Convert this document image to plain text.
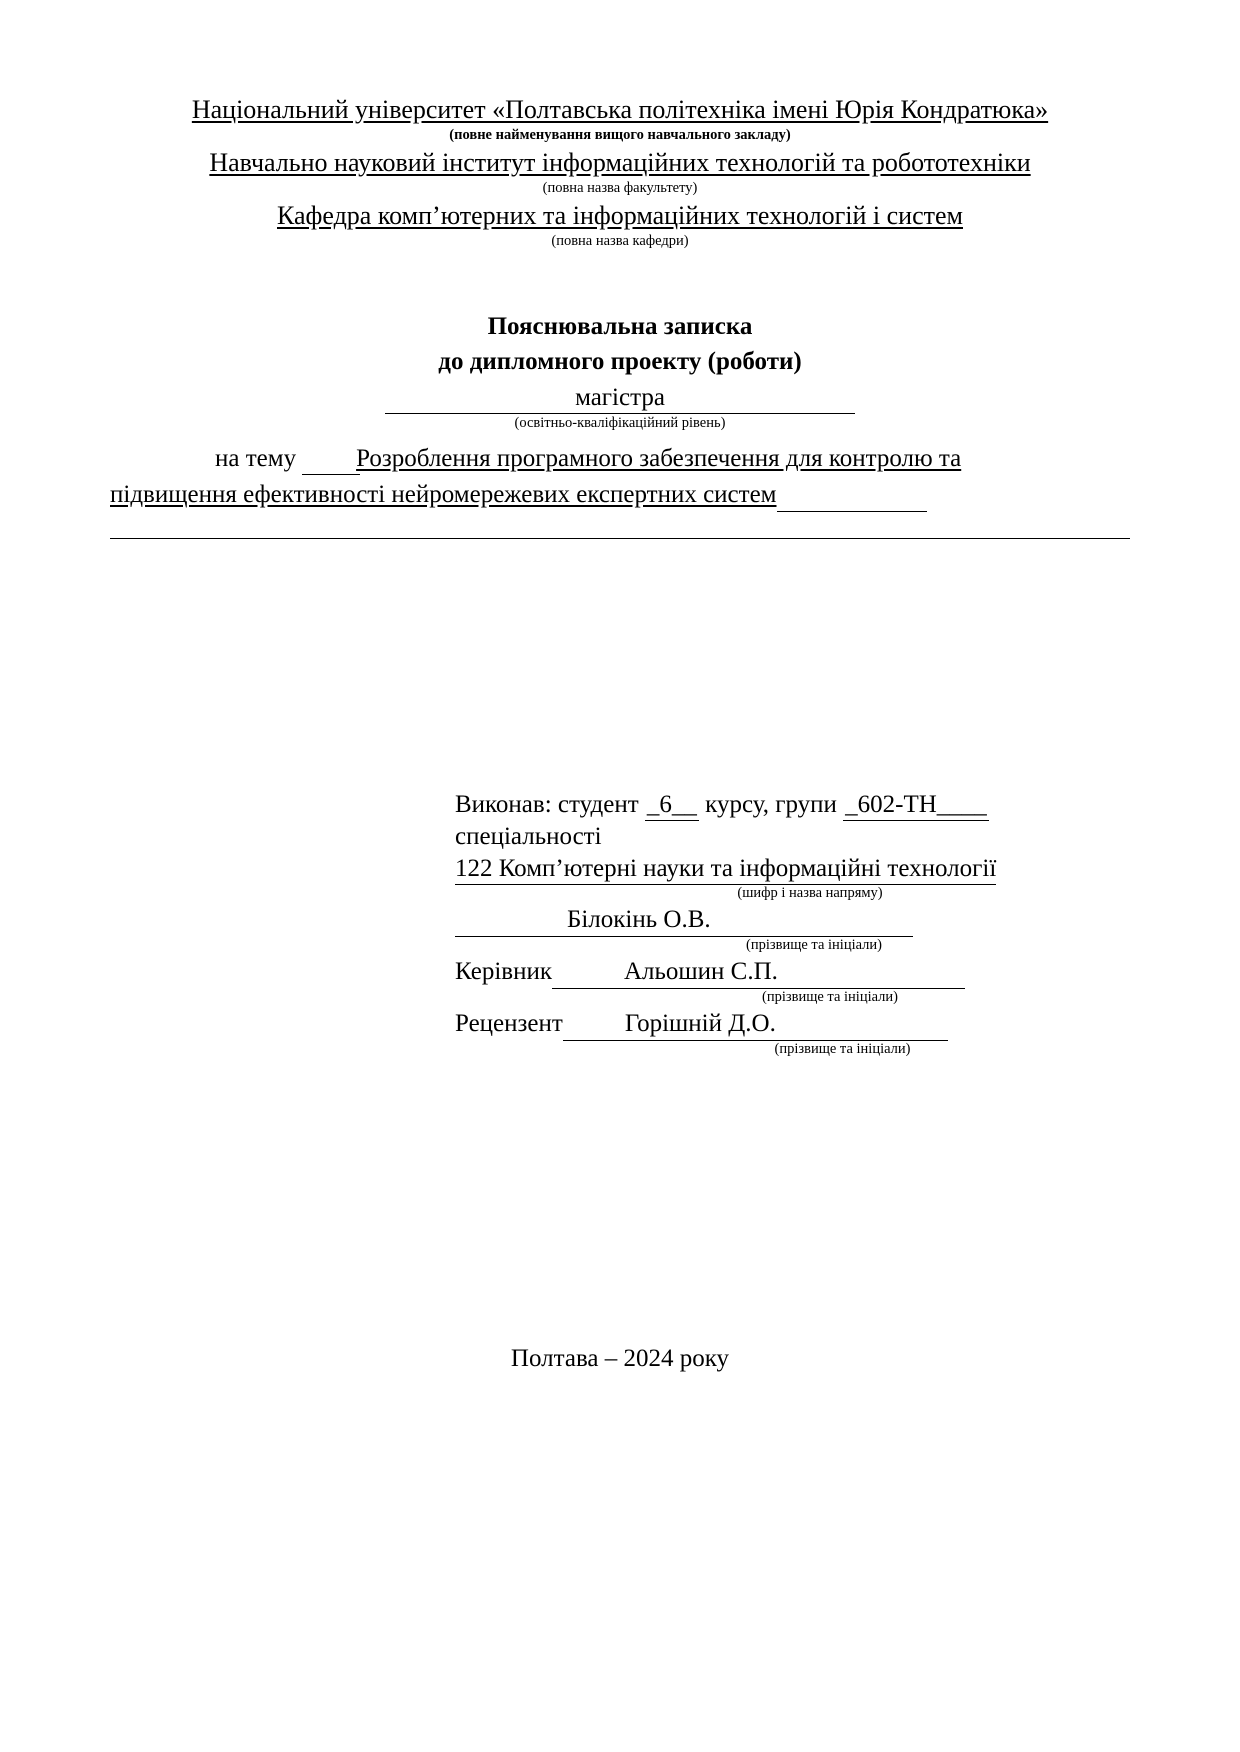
Національний університет «Полтавська політехніка імені Юрія Кондратюка»
(повне найменування вищого навчального закладу)
Навчально науковий інститут інформаційних технологій та робототехніки
(повна назва факультету)
Кафедра комп’ютерних та інформаційних технологій і систем
(повна назва кафедри)
Пояснювальна записка
до дипломного проекту (роботи)
магістра
(освітньо-кваліфікаційний рівень)
на тему Розроблення програмного забезпечення для контролю та
підвищення ефективності нейромережевих експертних систем
Виконав: студент _6__ курсу, групи _602-ТН____
спеціальності
122 Комп’ютерні науки та інформаційні технології
(шифр і назва напряму)
Білокінь О.В.
(прізвище та ініціали)
Керівник	Альошин С.П.
(прізвище та ініціали)
Рецензент Горішній Д.О.
(прізвище та ініціали)
Полтава – 2024 року
